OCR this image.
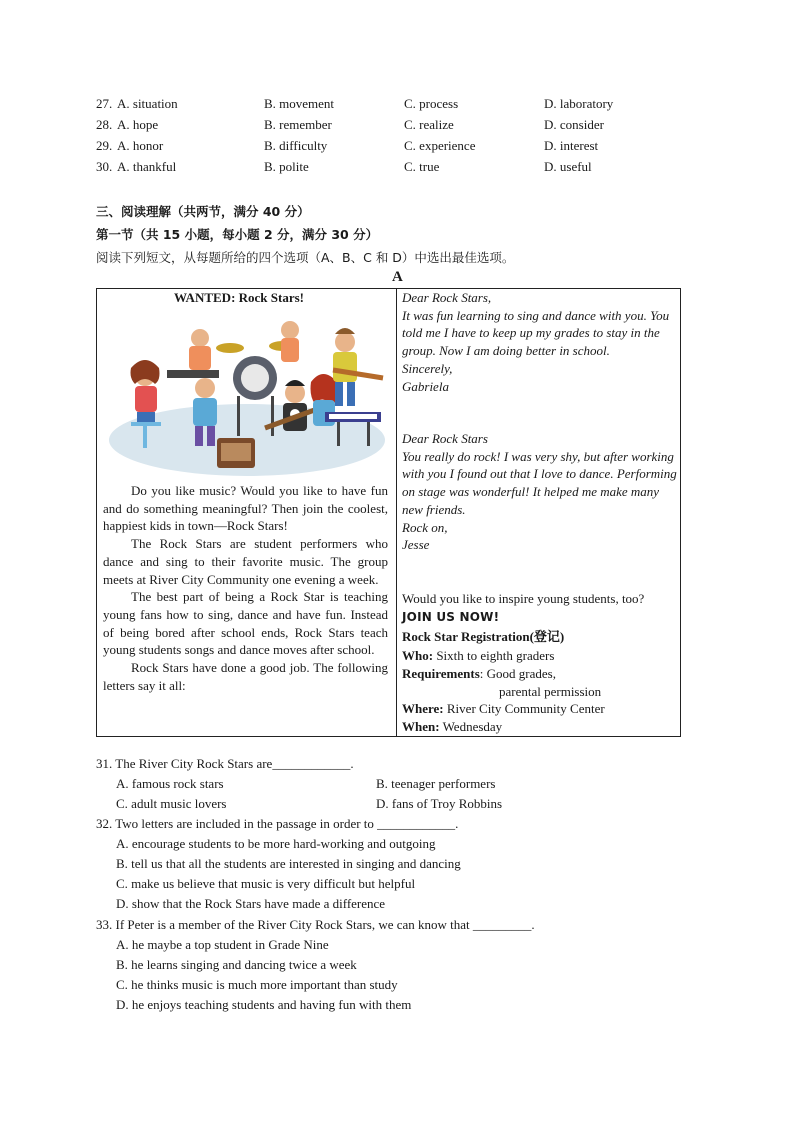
27. A. situation	B. movement	C. process	D. laboratory
28. A. hope	B. remember	C. realize	D. consider
29. A. honor	B. difficulty	C. experience	D. interest
30. A. thankful	B. polite	C. true	D. useful
三、阅读理解（共两节，满分 40 分）
第一节（共 15 小题，每小题 2 分，满分 30 分）
阅读下列短文，从每题所给的四个选项（A、B、C 和 D）中选出最佳选项。
A
WANTED: Rock Stars!

Do you like music? Would you like to have fun and do something meaningful? Then join the coolest, happiest kids in town—Rock Stars!

The Rock Stars are student performers who dance and sing to their favorite music. The group meets at River City Community one evening a week.

The best part of being a Rock Star is teaching young fans how to sing, dance and have fun. Instead of being bored after school ends, Rock Stars teach young students songs and dance moves after school.

Rock Stars have done a good job. The following letters say it all:

Dear Rock Stars,

It was fun learning to sing and dance with you. You told me I have to keep up my grades to stay in the group. Now I am doing better in school.

Sincerely,

Gabriela

Dear Rock Stars

You really do rock! I was very shy, but after working with you I found out that I love to dance. Performing on stage was wonderful! It helped me make many new friends.

Rock on,

Jesse

Would you like to inspire young students, too?
JOIN US NOW!
Rock Star Registration(登记)
Who: Sixth to eighth graders
Requirements: Good grades,
parental permission
Where: River City Community Center
When: Wednesday
31. The River City Rock Stars are____________.
A. famous rock stars	B. teenager performers
C. adult music lovers	D. fans of Troy Robbins
32. Two letters are included in the passage in order to ____________.
A. encourage students to be more hard-working and outgoing
B. tell us that all the students are interested in singing and dancing
C. make us believe that music is very difficult but helpful
D. show that the Rock Stars have made a difference
33. If Peter is a member of the River City Rock Stars, we can know that _________.
A. he maybe a top student in Grade Nine
B. he learns singing and dancing twice a week
C. he thinks music is much more important than study
D. he enjoys teaching students and having fun with them
